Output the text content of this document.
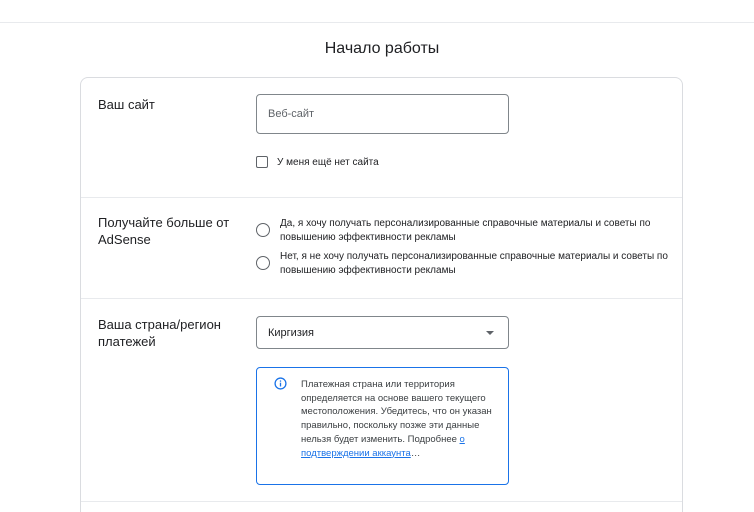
Начало работы
Ваш сайт
Веб-сайт
У меня ещё нет сайта
Получайте больше от
AdSense
Да, я хочу получать персонализированные справочные материалы и советы по повышению эффективности рекламы
Нет, я не хочу получать персонализированные справочные материалы и советы по повышению эффективности рекламы
Ваша страна/регион
платежей
Киргизия
Платежная страна или территория определяется на основе вашего текущего местоположения. Убедитесь, что он указан правильно, поскольку позже эти данные нельзя будет изменить. Подробнее о подтверждении аккаунта…
